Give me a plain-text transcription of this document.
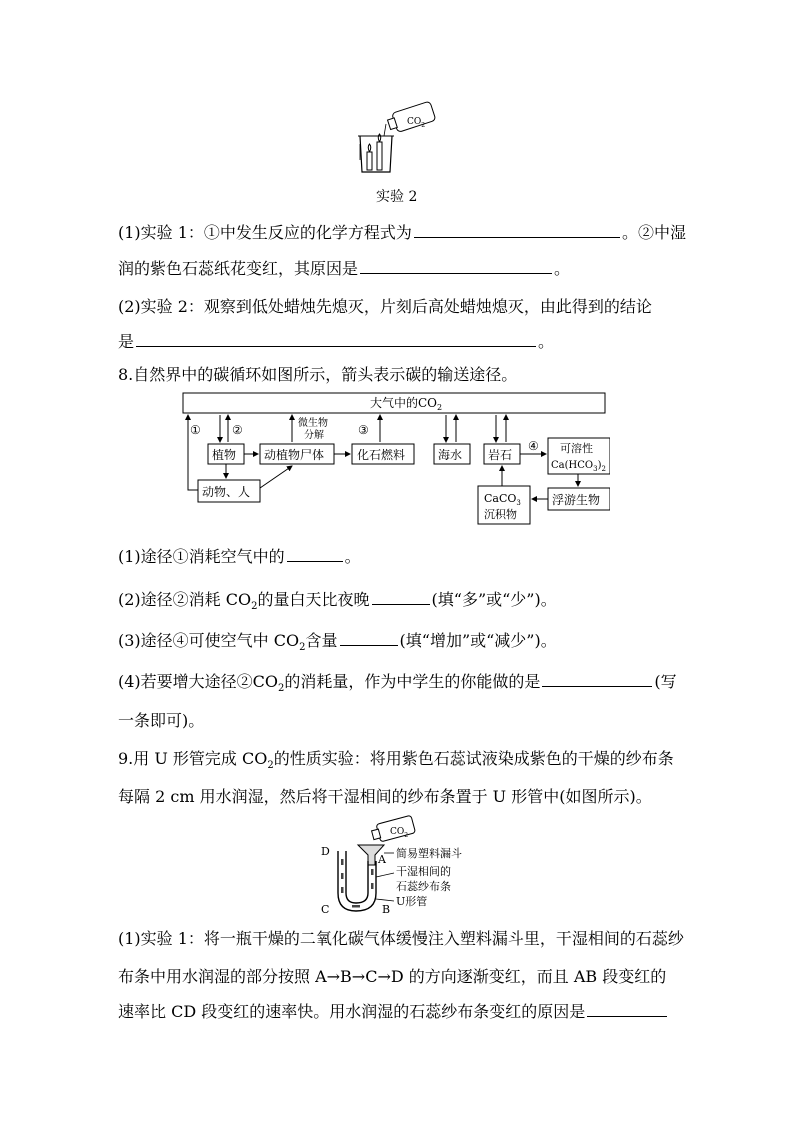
$CO_2$
实验 2
(1)实验 1：①中发生反应的化学方程式为	。②中湿
润的紫色石蕊纸花变红，其原因是	。
(2)实验 2：观察到低处蜡烛先熄灭，片刻后高处蜡烛熄灭，由此得到的结论
是	。
8.自然界中的碳循环如图所示，箭头表示碳的输送途径。
大气中的$CO_2$
植物 动植物尸体	化石燃料	海水 岩石	可溶性
$Ca(HCO_3)_2$
动物、人	CaCO$_3$
沉积物
浮游生物
①	②	③
④
微生物
分解
(1)途径①消耗空气中的	。
(2)途径②消耗 $CO_2$的量白天比夜晚	(填“多”或“少”)。
(3)途径④可使空气中 $CO_2$含量	(填“增加”或“减少”)。
(4)若要增大途径$②CO_2$的消耗量，作为中学生的你能做的是	(写
一条即可)。
9.用 U 形管完成 $CO_2$的性质实验：将用紫色石蕊试液染成紫色的干燥的纱布条
每隔 2 cm 用水润湿，然后将干湿相间的纱布条置于 U 形管中(如图所示)。
$CO_2$
简易塑料漏斗
干湿相间的
石蕊纱布条
U形管
D
A
C	B
(1)实验 1：将一瓶干燥的二氧化碳气体缓慢注入塑料漏斗里，干湿相间的石蕊纱
布条中用水润湿的部分按照 A→B→C→D 的方向逐渐变红，而且 AB 段变红的
速率比 CD 段变红的速率快。用水润湿的石蕊纱布条变红的原因是
